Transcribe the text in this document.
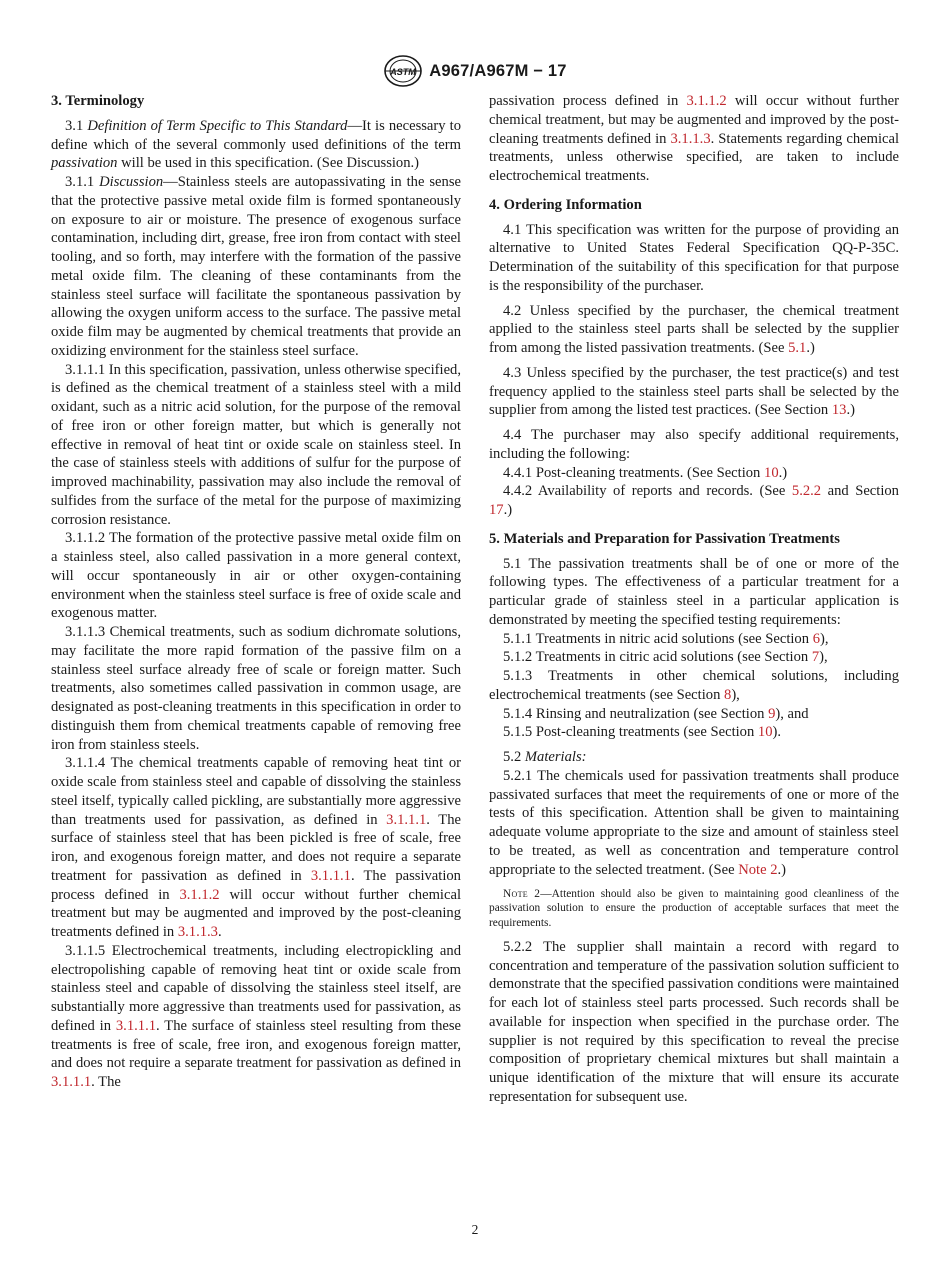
ASTM A967/A967M − 17
3. Terminology

3.1 Definition of Term Specific to This Standard—It is necessary to define which of the several commonly used definitions of the term passivation will be used in this specification. (See Discussion.)

3.1.1 Discussion—Stainless steels are autopassivating in the sense that the protective passive metal oxide film is formed spontaneously on exposure to air or moisture. The presence of exogenous surface contamination, including dirt, grease, free iron from contact with steel tooling, and so forth, may interfere with the formation of the passive metal oxide film. The cleaning of these contaminants from the stainless steel surface will facilitate the spontaneous passivation by allowing the oxygen uniform access to the surface. The passive metal oxide film may be augmented by chemical treatments that provide an oxidizing environment for the stainless steel surface.

3.1.1.1 In this specification, passivation, unless otherwise specified, is defined as the chemical treatment of a stainless steel with a mild oxidant, such as a nitric acid solution, for the purpose of the removal of free iron or other foreign matter, but which is generally not effective in removal of heat tint or oxide scale on stainless steel. In the case of stainless steels with additions of sulfur for the purpose of improved machinability, passivation may also include the removal of sulfides from the surface of the metal for the purpose of maximizing corrosion resistance.

3.1.1.2 The formation of the protective passive metal oxide film on a stainless steel, also called passivation in a more general context, will occur spontaneously in air or other oxygen-containing environment when the stainless steel surface is free of oxide scale and exogenous matter.

3.1.1.3 Chemical treatments, such as sodium dichromate solutions, may facilitate the more rapid formation of the passive film on a stainless steel surface already free of scale or foreign matter. Such treatments, also sometimes called passivation in common usage, are designated as post-cleaning treatments in this specification in order to distinguish them from chemical treatments capable of removing free iron from stainless steels.

3.1.1.4 The chemical treatments capable of removing heat tint or oxide scale from stainless steel and capable of dissolving the stainless steel itself, typically called pickling, are substantially more aggressive than treatments used for passivation, as defined in 3.1.1.1. The surface of stainless steel that has been pickled is free of scale, free iron, and exogenous foreign matter, and does not require a separate treatment for passivation as defined in 3.1.1.1. The passivation process defined in 3.1.1.2 will occur without further chemical treatment but may be augmented and improved by the post-cleaning treatments defined in 3.1.1.3.

3.1.1.5 Electrochemical treatments, including electropickling and electropolishing capable of removing heat tint or oxide scale from stainless steel and capable of dissolving the stainless steel itself, are substantially more aggressive than treatments used for passivation, as defined in 3.1.1.1. The surface of stainless steel resulting from these treatments is free of scale, free iron, and exogenous foreign matter, and does not require a separate treatment for passivation as defined in 3.1.1.1. The

passivation process defined in 3.1.1.2 will occur without further chemical treatment, but may be augmented and improved by the post-cleaning treatments defined in 3.1.1.3. Statements regarding chemical treatments, unless otherwise specified, are taken to include electrochemical treatments.

4. Ordering Information

4.1 This specification was written for the purpose of providing an alternative to United States Federal Specification QQ-P-35C. Determination of the suitability of this specification for that purpose is the responsibility of the purchaser.

4.2 Unless specified by the purchaser, the chemical treatment applied to the stainless steel parts shall be selected by the supplier from among the listed passivation treatments. (See 5.1.)

4.3 Unless specified by the purchaser, the test practice(s) and test frequency applied to the stainless steel parts shall be selected by the supplier from among the listed test practices. (See Section 13.)

4.4 The purchaser may also specify additional requirements, including the following:

4.4.1 Post-cleaning treatments. (See Section 10.)

4.4.2 Availability of reports and records. (See 5.2.2 and Section 17.)

5. Materials and Preparation for Passivation Treatments

5.1 The passivation treatments shall be of one or more of the following types. The effectiveness of a particular treatment for a particular grade of stainless steel in a particular application is demonstrated by meeting the specified testing requirements:

5.1.1 Treatments in nitric acid solutions (see Section 6),

5.1.2 Treatments in citric acid solutions (see Section 7),

5.1.3 Treatments in other chemical solutions, including electrochemical treatments (see Section 8),

5.1.4 Rinsing and neutralization (see Section 9), and

5.1.5 Post-cleaning treatments (see Section 10).

5.2 Materials:

5.2.1 The chemicals used for passivation treatments shall produce passivated surfaces that meet the requirements of one or more of the tests of this specification. Attention shall be given to maintaining adequate volume appropriate to the size and amount of stainless steel to be treated, as well as concentration and temperature control appropriate to the selected treatment. (See Note 2.)

Note 2—Attention should also be given to maintaining good cleanliness of the passivation solution to ensure the production of acceptable surfaces that meet the requirements.

5.2.2 The supplier shall maintain a record with regard to concentration and temperature of the passivation solution sufficient to demonstrate that the specified passivation conditions were maintained for each lot of stainless steel parts processed. Such records shall be available for inspection when specified in the purchase order. The supplier is not required by this specification to reveal the precise composition of proprietary chemical mixtures but shall maintain a unique identification of the mixture that will ensure its accurate representation for subsequent use.

2
